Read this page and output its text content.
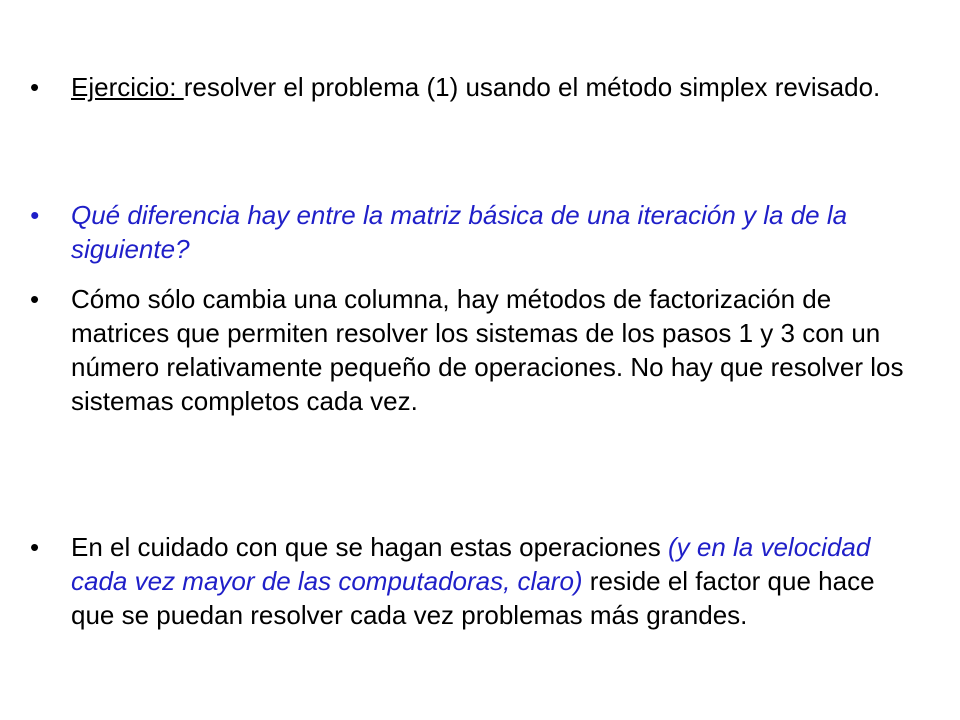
•	Ejercicio: resolver el problema (1) usando el método simplex revisado.
•	Qué diferencia hay entre la matriz básica de una iteración y la de la siguiente?
•	Cómo sólo cambia una columna, hay métodos de factorización de matrices que permiten resolver los sistemas de los pasos 1 y 3 con un número relativamente pequeño de operaciones. No hay que resolver los sistemas completos cada vez.
•	En el cuidado con que se hagan estas operaciones (y en la velocidad cada vez mayor de las computadoras, claro) reside el factor que hace que se puedan resolver cada vez problemas más grandes.
